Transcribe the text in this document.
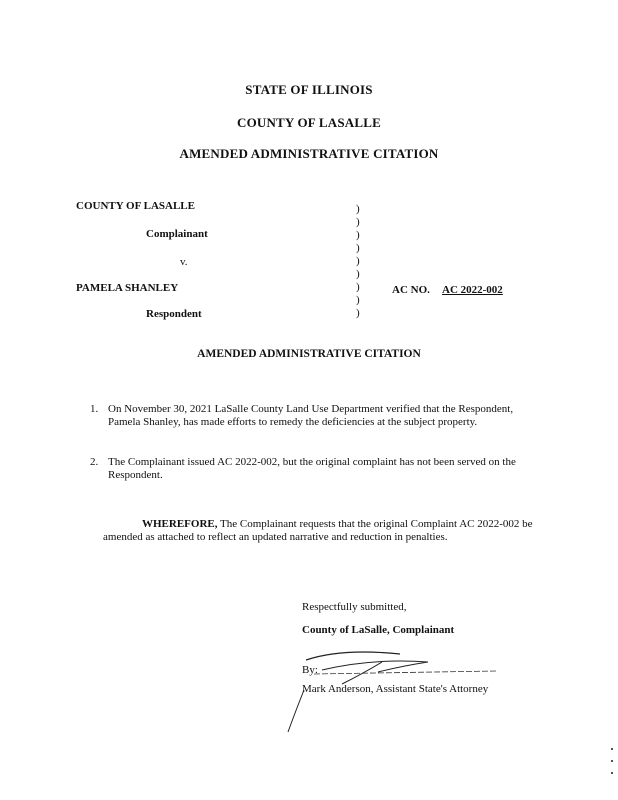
STATE OF ILLINOIS
COUNTY OF LASALLE
AMENDED ADMINISTRATIVE CITATION
COUNTY OF LASALLE
Complainant
v.
PAMELA SHANLEY
Respondent
)
)
)
)
)
)
)
)
)
AC NO. AC 2022-002
AMENDED ADMINISTRATIVE CITATION
1. On November 30, 2021 LaSalle County Land Use Department verified that the Respondent, Pamela Shanley, has made efforts to remedy the deficiencies at the subject property.
2. The Complainant issued AC 2022-002, but the original complaint has not been served on the Respondent.
WHEREFORE, The Complainant requests that the original Complaint AC 2022-002 be amended as attached to reflect an updated narrative and reduction in penalties.
Respectfully submitted,
County of LaSalle, Complainant
By:
Mark Anderson, Assistant State's Attorney
